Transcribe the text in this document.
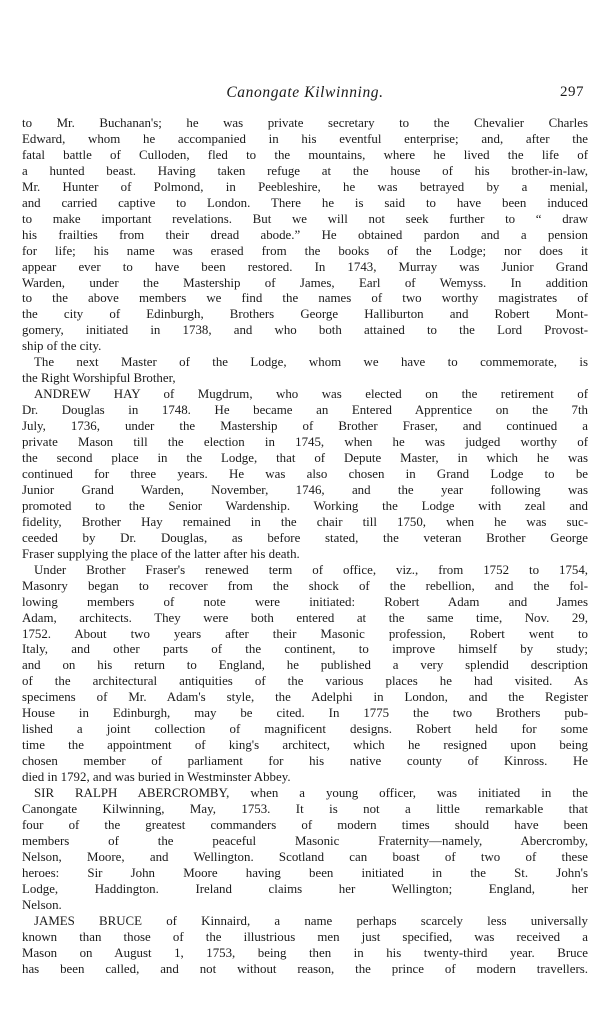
Canongate Kilwinning.	297
to Mr. Buchanan's; he was private secretary to the Chevalier Charles
Edward, whom he accompanied in his eventful enterprise; and, after the
fatal battle of Culloden, fled to the mountains, where he lived the life of
a hunted beast. Having taken refuge at the house of his brother-in-law,
Mr. Hunter of Polmond, in Peebleshire, he was betrayed by a menial,
and carried captive to London. There he is said to have been induced
to make important revelations. But we will not seek further to “ draw
his frailties from their dread abode.” He obtained pardon and a pension
for life; his name was erased from the books of the Lodge; nor does it
appear ever to have been restored. In 1743, Murray was Junior Grand
Warden, under the Mastership of James, Earl of Wemyss. In addition
to the above members we find the names of two worthy magistrates of
the city of Edinburgh, Brothers George Halliburton and Robert Mont-
gomery, initiated in 1738, and who both attained to the Lord Provost-
ship of the city.
The next Master of the Lodge, whom we have to commemorate, is
the Right Worshipful Brother,
ANDREW HAY of Mugdrum, who was elected on the retirement of
Dr. Douglas in 1748. He became an Entered Apprentice on the 7th
July, 1736, under the Mastership of Brother Fraser, and continued a
private Mason till the election in 1745, when he was judged worthy of
the second place in the Lodge, that of Depute Master, in which he was
continued for three years. He was also chosen in Grand Lodge to be
Junior Grand Warden, November, 1746, and the year following was
promoted to the Senior Wardenship. Working the Lodge with zeal and
fidelity, Brother Hay remained in the chair till 1750, when he was suc-
ceeded by Dr. Douglas, as before stated, the veteran Brother George
Fraser supplying the place of the latter after his death.
Under Brother Fraser's renewed term of office, viz., from 1752 to 1754,
Masonry began to recover from the shock of the rebellion, and the fol-
lowing members of note were initiated: Robert Adam and James
Adam, architects. They were both entered at the same time, Nov. 29,
1752. About two years after their Masonic profession, Robert went to
Italy, and other parts of the continent, to improve himself by study;
and on his return to England, he published a very splendid description
of the architectural antiquities of the various places he had visited. As
specimens of Mr. Adam's style, the Adelphi in London, and the Register
House in Edinburgh, may be cited. In 1775 the two Brothers pub-
lished a joint collection of magnificent designs. Robert held for some
time the appointment of king's architect, which he resigned upon being
chosen member of parliament for his native county of Kinross. He
died in 1792, and was buried in Westminster Abbey.
SIR RALPH ABERCROMBY, when a young officer, was initiated in the
Canongate Kilwinning, May, 1753. It is not a little remarkable that
four of the greatest commanders of modern times should have been
members of the peaceful Masonic Fraternity—namely, Abercromby,
Nelson, Moore, and Wellington. Scotland can boast of two of these
heroes: Sir John Moore having been initiated in the St. John's
Lodge, Haddington. Ireland claims her Wellington; England, her
Nelson.
JAMES BRUCE of Kinnaird, a name perhaps scarcely less universally
known than those of the illustrious men just specified, was received a
Mason on August 1, 1753, being then in his twenty-third year. Bruce
has been called, and not without reason, the prince of modern travellers.
